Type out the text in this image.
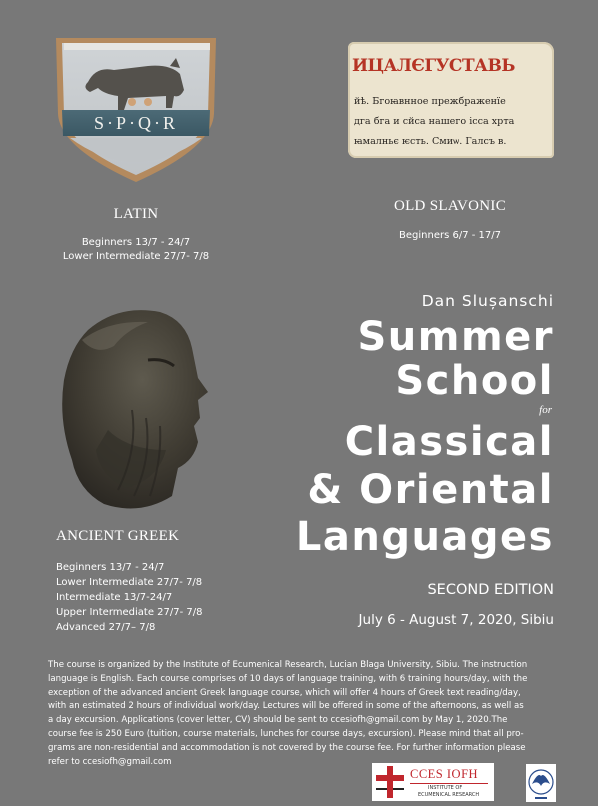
S·P·Q·R
ИЦАЛЄГУСТАВЬ
йѣ. Бгоꙗвнное прежбраженїе
дга бга и сйса нашего ісса хрта
ꙗмалньє ѥсть. Смиѡ. Галсъ в.
LATIN
Beginners 13/7 - 24/7
Lower Intermediate 27/7- 7/8
OLD SLAVONIC
Beginners 6/7 - 17/7
ANCIENT GREEK
Beginners 13/7 - 24/7
Lower Intermediate 27/7- 7/8
Intermediate 13/7-24/7
Upper Intermediate 27/7- 7/8
Advanced 27/7– 7/8
Dan Slușanschi
Summer
School
for
Classical
& Oriental
Languages
SECOND EDITION
July 6 - August 7, 2020, Sibiu
The course is organized by the Institute of Ecumenical Research, Lucian Blaga University, Sibiu. The instruction
language is English. Each course comprises of 10 days of language training, with 6 training hours/day, with the
exception of the advanced ancient Greek language course, which will offer 4 hours of Greek text reading/day,
with an estimated 2 hours of individual work/day. Lectures will be offered in some of the afternoons, as well as
a day excursion. Applications (cover letter, CV) should be sent to ccesiofh@gmail.com by May 1, 2020.The
course fee is 250 Euro (tuition, course materials, lunches for course days, excursion). Please mind that all pro-
grams are non-residential and accommodation is not covered by the course fee. For further information please
refer to ccesiofh@gmail.com
CCES IOFH
INSTITUTE OF
ECUMENICAL RESEARCH
